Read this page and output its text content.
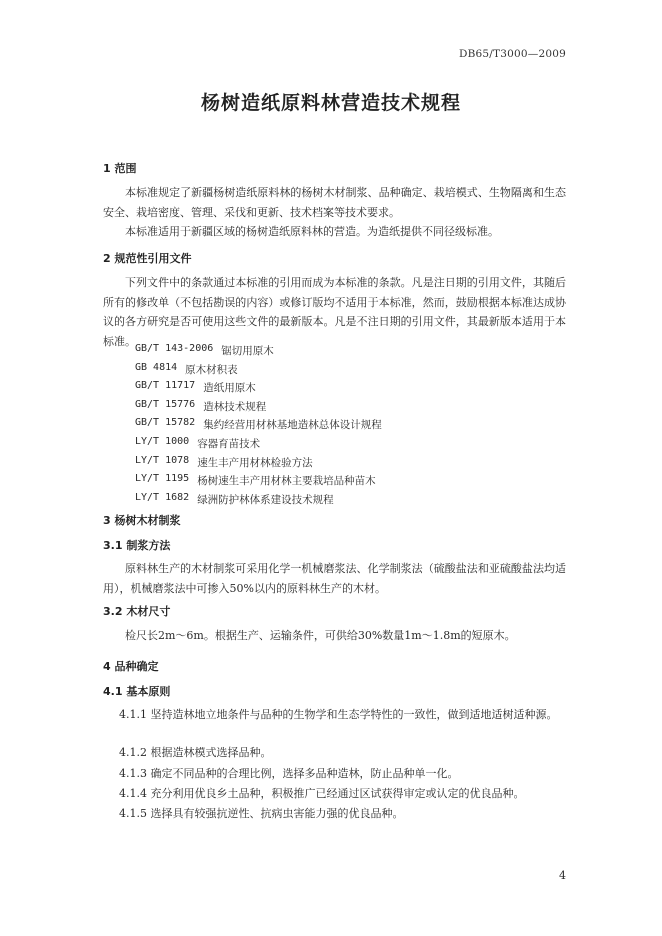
DB65/T3000—2009
杨树造纸原料林营造技术规程
1 范围
本标准规定了新疆杨树造纸原料林的杨树木材制浆、品种确定、栽培模式、生物隔离和生态安全、栽培密度、管理、采伐和更新、技术档案等技术要求。
本标准适用于新疆区域的杨树造纸原料林的营造。为造纸提供不同径级标准。
2 规范性引用文件
下列文件中的条款通过本标准的引用而成为本标准的条款。凡是注日期的引用文件，其随后所有的修改单（不包括勘误的内容）或修订版均不适用于本标准，然而，鼓励根据本标准达成协议的各方研究是否可使用这些文件的最新版本。凡是不注日期的引用文件，其最新版本适用于本标准。
GB/T 143-2006 锯切用原木
GB 4814 原木材积表
GB/T 11717 造纸用原木
GB/T 15776 造林技术规程
GB/T 15782 集约经营用材林基地造林总体设计规程
LY/T 1000 容器育苗技术
LY/T 1078 速生丰产用材林检验方法
LY/T 1195 杨树速生丰产用材林主要栽培品种苗木
LY/T 1682 绿洲防护林体系建设技术规程
3 杨树木材制浆
3.1 制浆方法
原料林生产的木材制浆可采用化学一机械磨浆法、化学制浆法（硫酸盐法和亚硫酸盐法均适用），机械磨浆法中可掺入50%以内的原料林生产的木材。
3.2 木材尺寸
检尺长2m～6m。根据生产、运输条件，可供给30%数量1m～1.8m的短原木。
4 品种确定
4.1 基本原则
4.1.1 坚持造林地立地条件与品种的生物学和生态学特性的一致性，做到适地适树适种源。
4.1.2 根据造林模式选择品种。
4.1.3 确定不同品种的合理比例，选择多品种造林，防止品种单一化。
4.1.4 充分利用优良乡土品种，积极推广已经通过区试获得审定或认定的优良品种。
4.1.5 选择具有较强抗逆性、抗病虫害能力强的优良品种。
4
